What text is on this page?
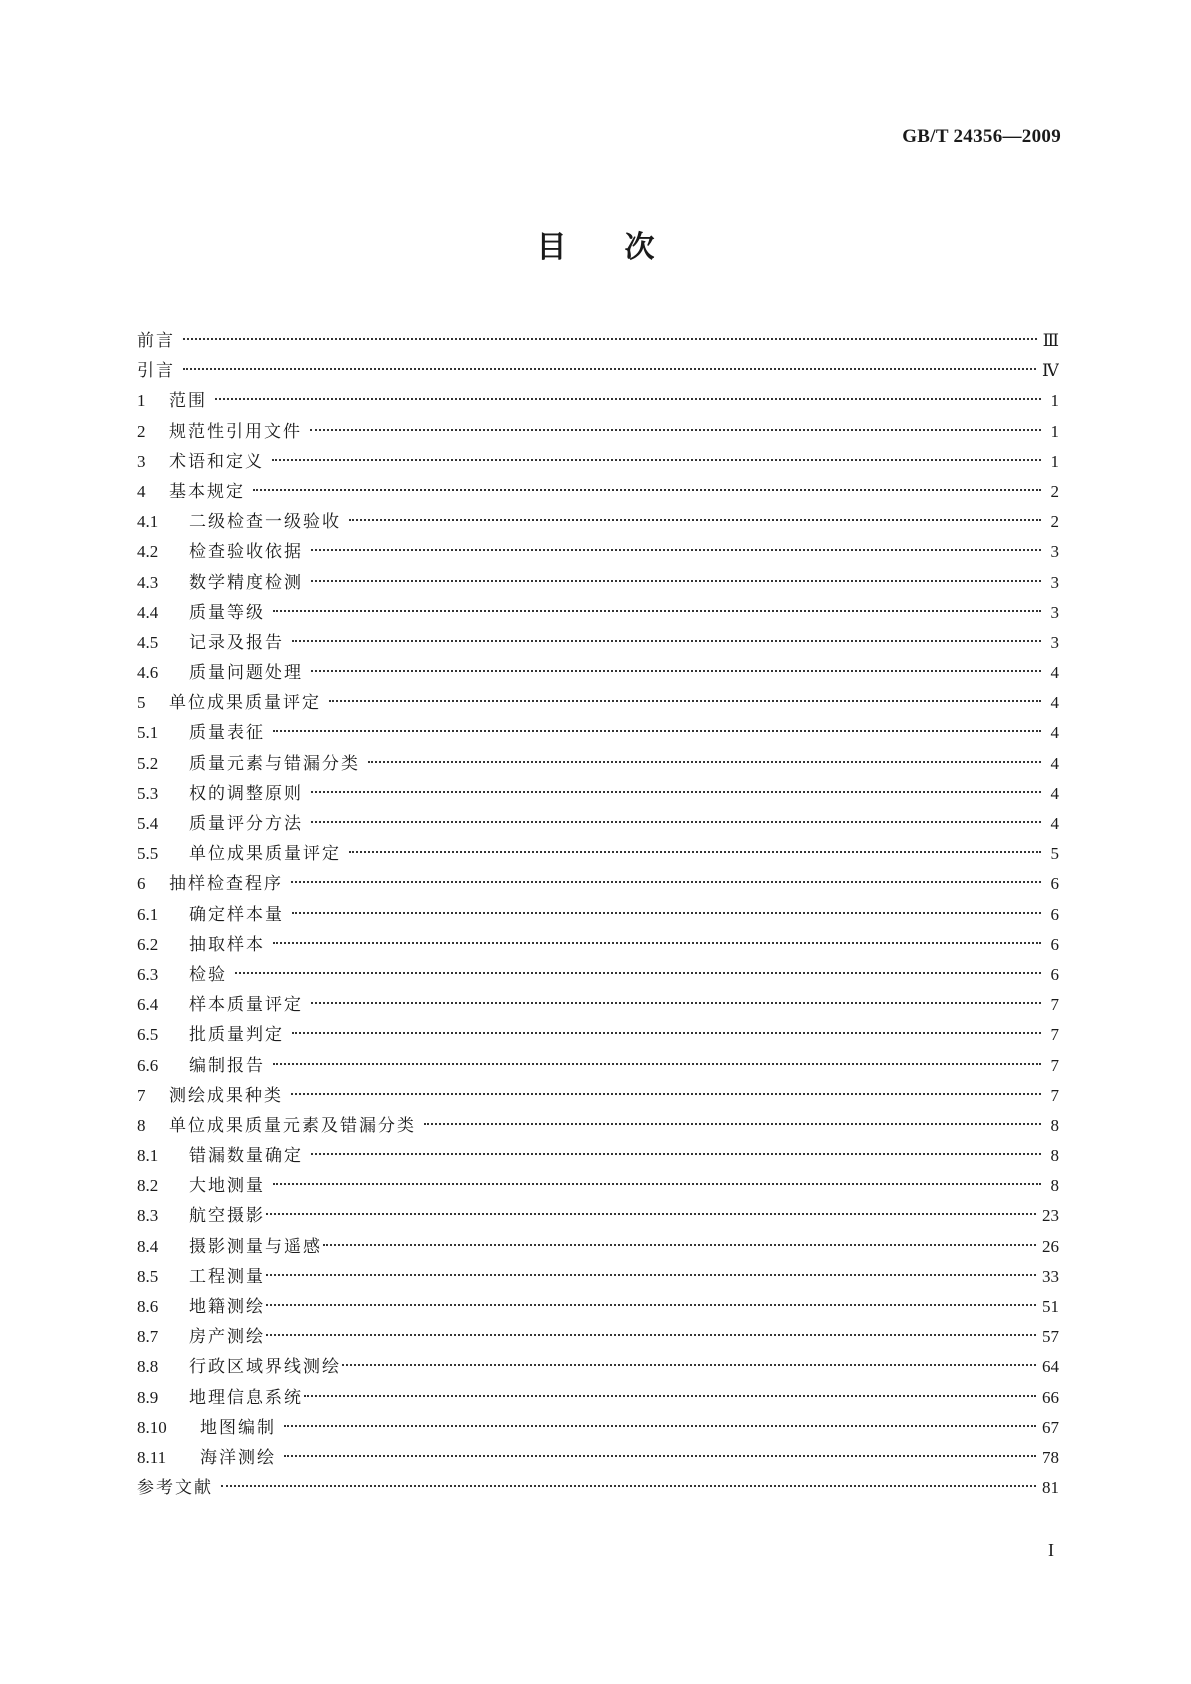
GB/T 24356—2009
目次
前言	Ⅲ
引言	Ⅳ
1	范围	1
2	规范性引用文件	1
3	术语和定义	1
4	基本规定	2
4.1	二级检查一级验收	2
4.2	检查验收依据	3
4.3	数学精度检测	3
4.4	质量等级	3
4.5	记录及报告	3
4.6	质量问题处理	4
5	单位成果质量评定	4
5.1	质量表征	4
5.2	质量元素与错漏分类	4
5.3	权的调整原则	4
5.4	质量评分方法	4
5.5	单位成果质量评定	5
6	抽样检查程序	6
6.1	确定样本量	6
6.2	抽取样本	6
6.3	检验	6
6.4	样本质量评定	7
6.5	批质量判定	7
6.6	编制报告	7
7	测绘成果种类	7
8	单位成果质量元素及错漏分类	8
8.1	错漏数量确定	8
8.2	大地测量	8
8.3	航空摄影	23
8.4	摄影测量与遥感	26
8.5	工程测量	33
8.6	地籍测绘	51
8.7	房产测绘	57
8.8	行政区域界线测绘	64
8.9	地理信息系统	66
8.10	地图编制	67
8.11	海洋测绘	78
参考文献	81
I
